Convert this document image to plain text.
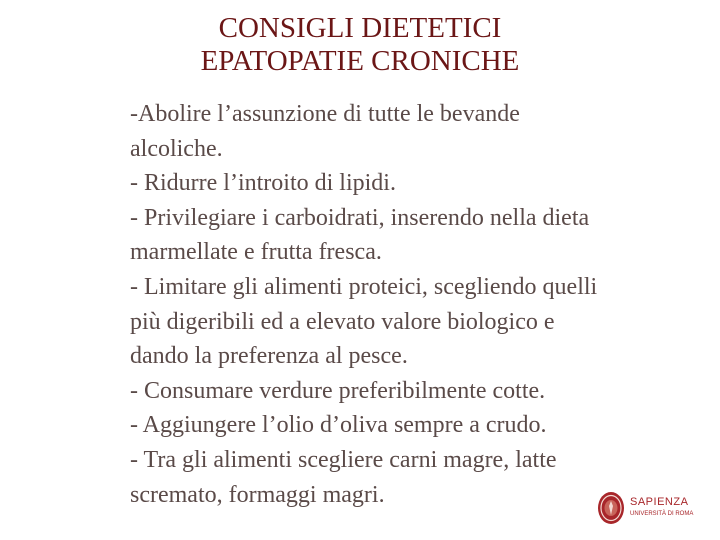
CONSIGLI DIETETICI
EPATOPATIE CRONICHE
-Abolire l’assunzione di tutte le bevande
alcoliche.
- Ridurre l’introito di lipidi.
- Privilegiare i carboidrati, inserendo nella dieta
marmellate e frutta fresca.
- Limitare gli alimenti proteici, scegliendo quelli
più digeribili ed a elevato valore biologico e
dando la preferenza al pesce.
- Consumare verdure preferibilmente cotte.
- Aggiungere l’olio d’oliva sempre a crudo.
- Tra gli alimenti scegliere carni magre, latte
scremato, formaggi magri.	SAPIENZA
UNIVERSITÀ DI ROMA
